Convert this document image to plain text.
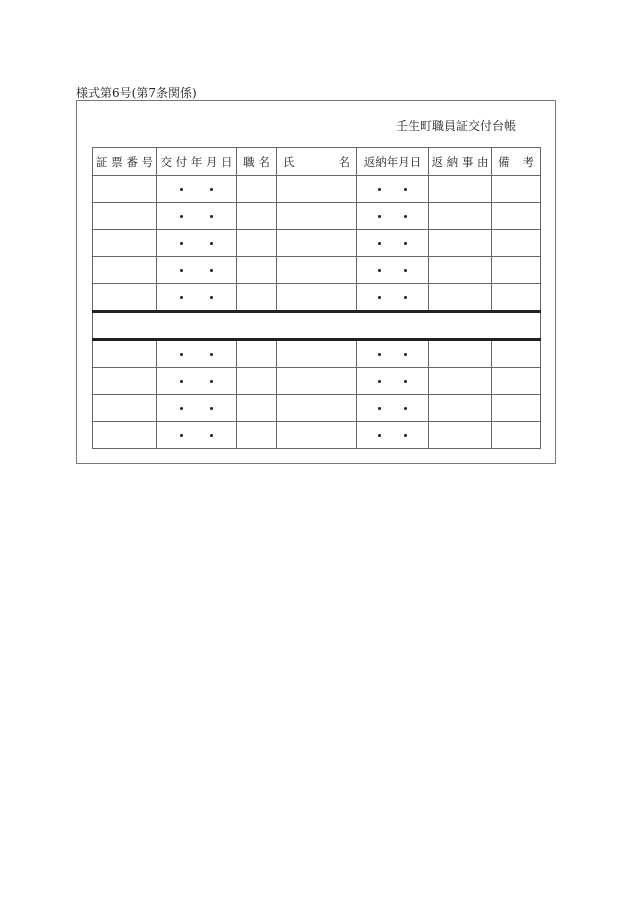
様式第6号(第7条関係)
壬生町職員証交付台帳
証 票 番 号	交 付 年 月 日	職 名	氏 名	返納年月日	返 納 事 由	備 考
